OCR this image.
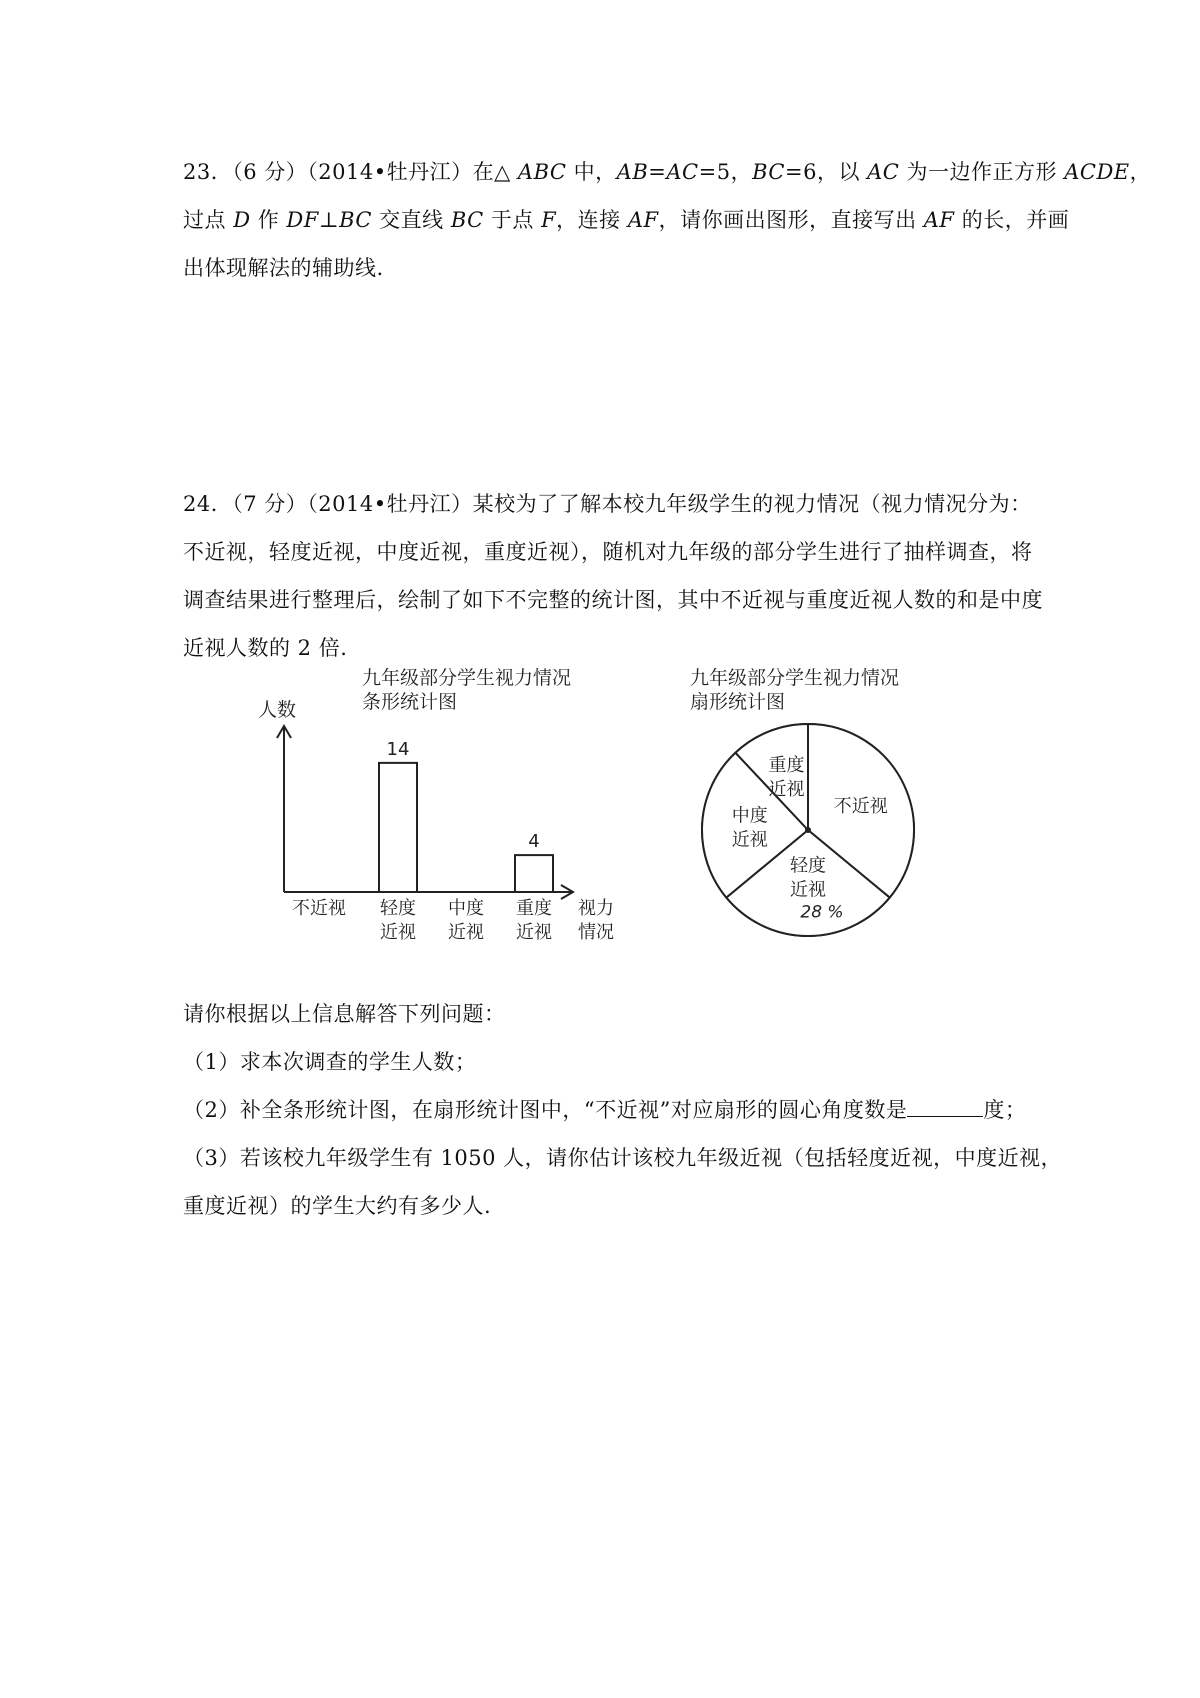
23．（6 分）（2014•牡丹江）在△ ABC 中，AB=AC=5，BC=6，以 AC 为一边作正方形 ACDE，
过点 D 作 DF⊥BC 交直线 BC 于点 F，连接 AF，请你画出图形，直接写出 AF 的长，并画
出体现解法的辅助线.
24．（7 分）（2014•牡丹江）某校为了了解本校九年级学生的视力情况（视力情况分为：
不近视，轻度近视，中度近视，重度近视），随机对九年级的部分学生进行了抽样调查，将
调查结果进行整理后，绘制了如下不完整的统计图，其中不近视与重度近视人数的和是中度
近视人数的 2 倍.
九年级部分学生视力情况
条形统计图
人数
视力
不近视
14
轻度
近视
中度
近视
4
重度
近视 情况
九年级部分学生视力情况
扇形统计图
不近视
轻度
近视
28 %
中度
近视
重度
近视
请你根据以上信息解答下列问题：
（1）求本次调查的学生人数；
（2）补全条形统计图，在扇形统计图中，“不近视”对应扇形的圆心角度数是	度；
（3）若该校九年级学生有 1050 人，请你估计该校九年级近视（包括轻度近视，中度近视，
重度近视）的学生大约有多少人.
